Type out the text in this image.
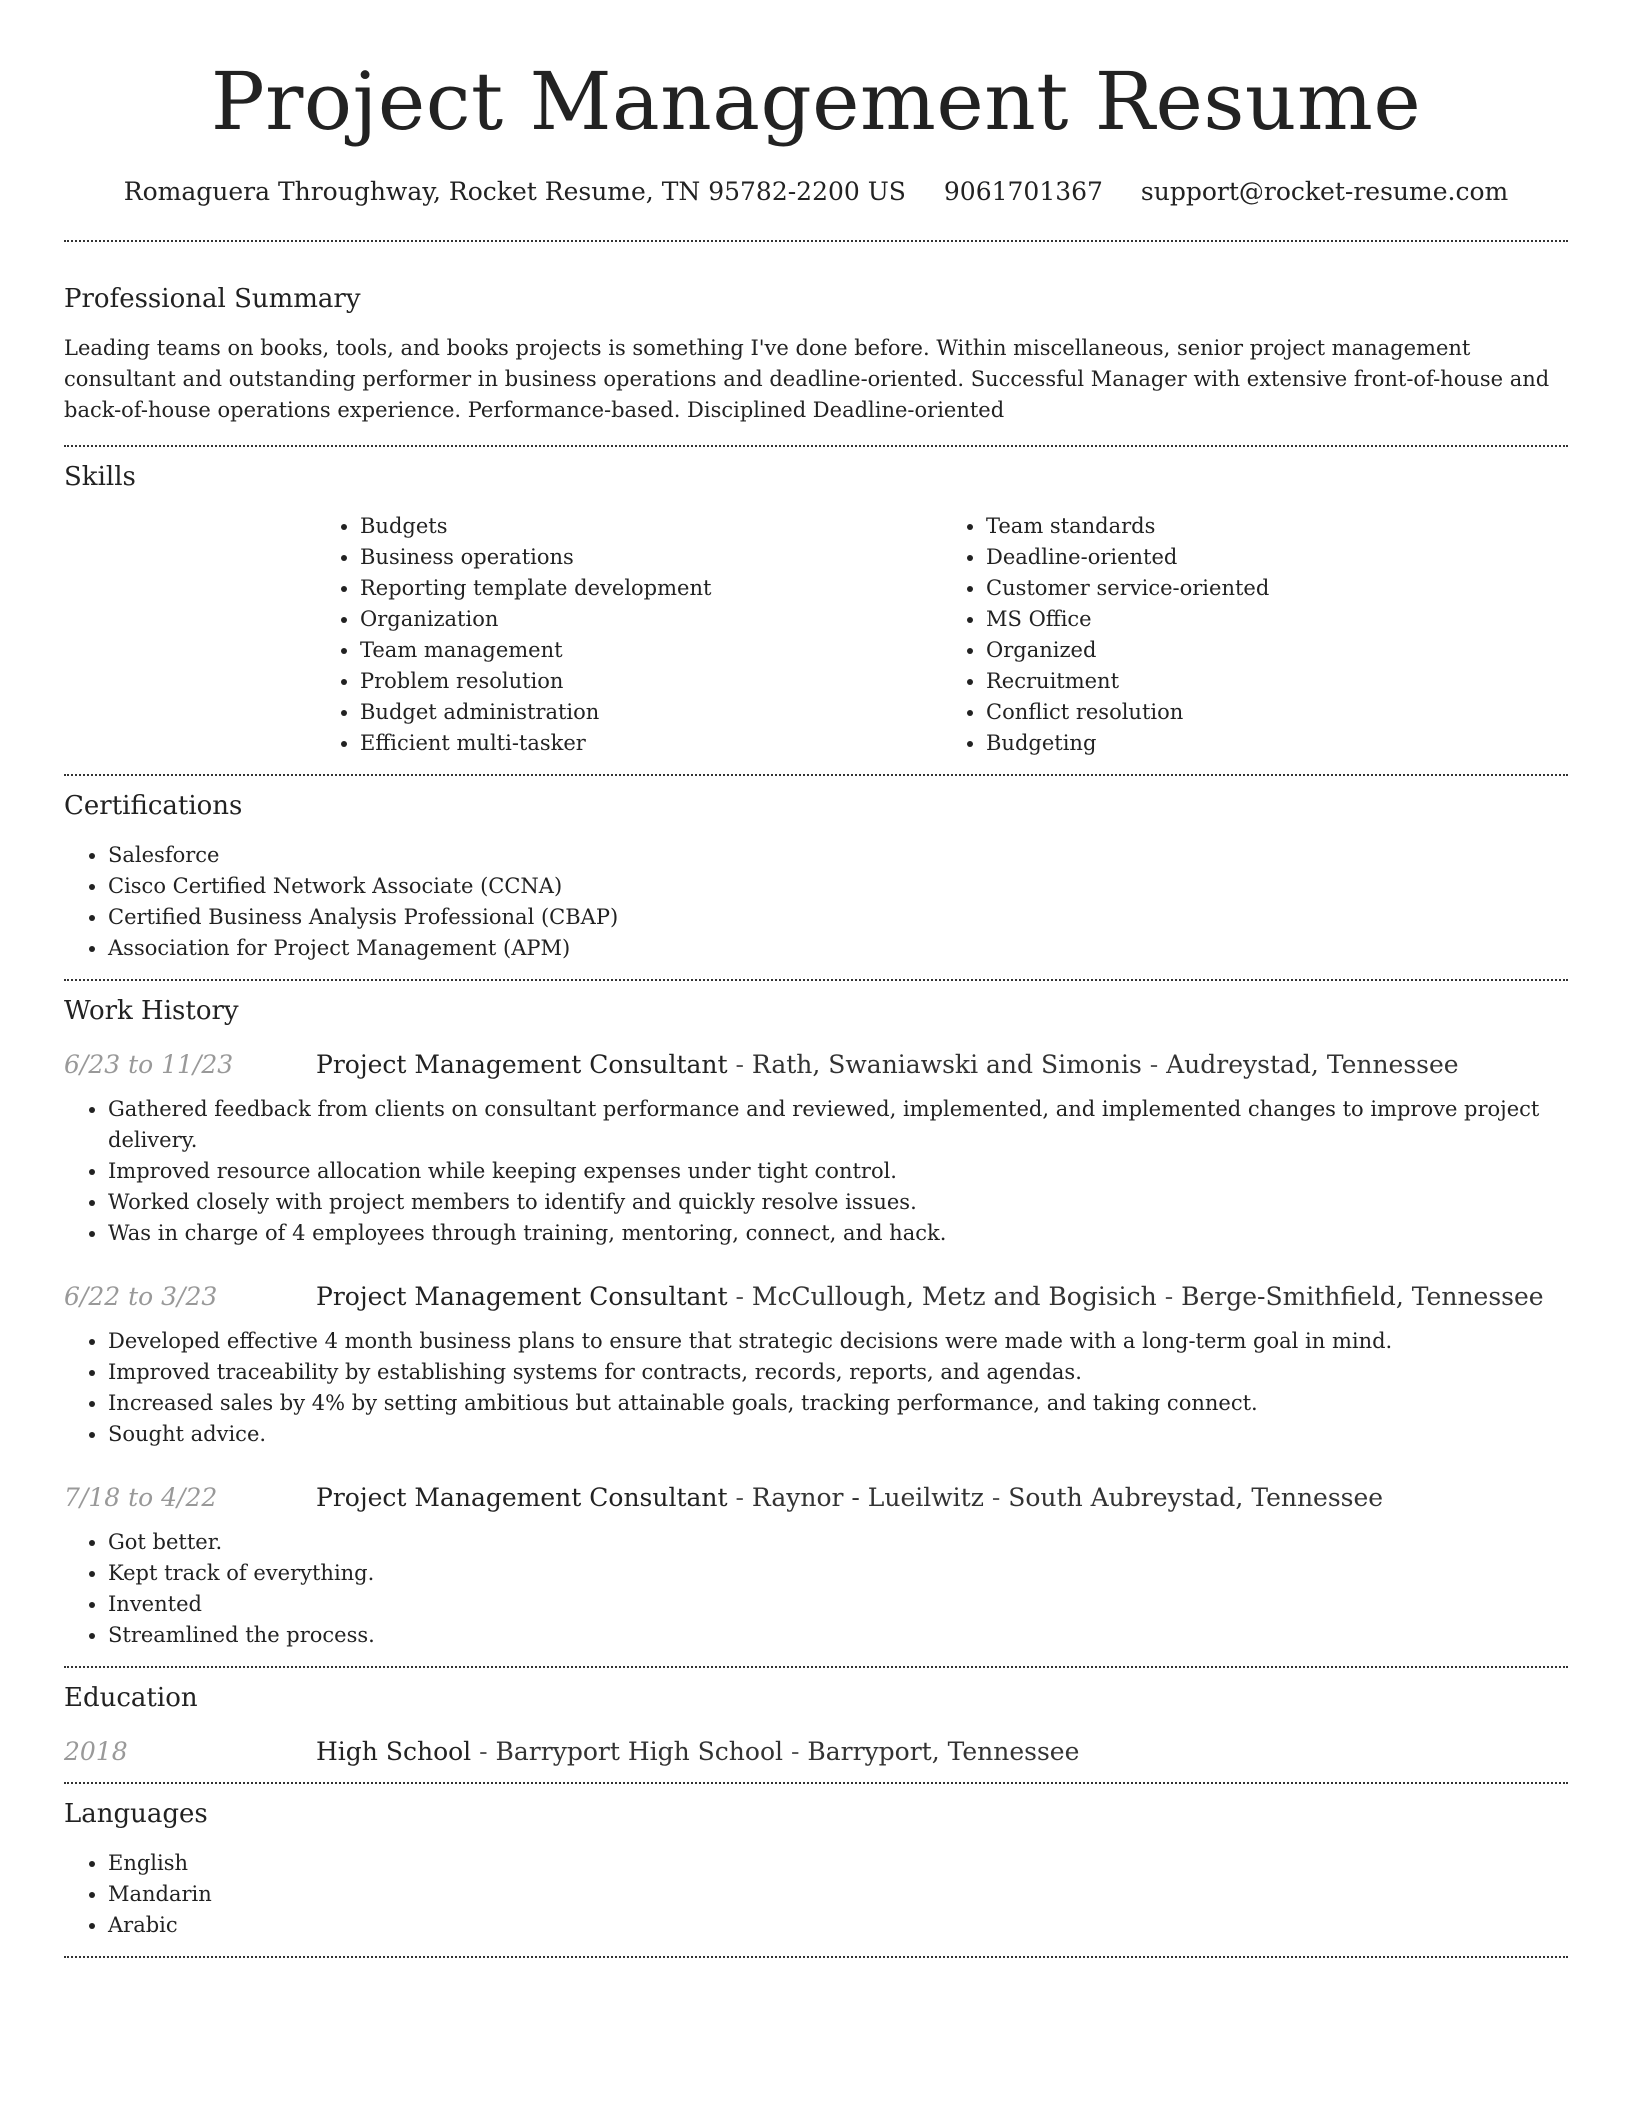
Project Management Resume
Romaguera Throughway, Rocket Resume, TN 95782-2200 US 9061701367 support@rocket-resume.com
Professional Summary

Leading teams on books, tools, and books projects is something I've done before. Within miscellaneous, senior project management consultant and outstanding performer in business operations and deadline-oriented. Successful Manager with extensive front-of-house and back-of-house operations experience. Performance-based. Disciplined Deadline-oriented

Skills
• Budgets
• Business operations
• Reporting template development
• Organization
• Team management
• Problem resolution
• Budget administration
• Efficient multi-tasker
• Team standards
• Deadline-oriented
• Customer service-oriented
• MS Office
• Organized
• Recruitment
• Conflict resolution
• Budgeting
Certifications
• Salesforce
• Cisco Certified Network Associate (CCNA)
• Certified Business Analysis Professional (CBAP)
• Association for Project Management (APM)
Work History
6/23 to 11/23	Project Management Consultant - Rath, Swaniawski and Simonis - Audreystad, Tennessee
• Gathered feedback from clients on consultant performance and reviewed, implemented, and implemented changes to improve project delivery.
• Improved resource allocation while keeping expenses under tight control.
• Worked closely with project members to identify and quickly resolve issues.
• Was in charge of 4 employees through training, mentoring, connect, and hack.
6/22 to 3/23	Project Management Consultant - McCullough, Metz and Bogisich - Berge-Smithfield, Tennessee
• Developed effective 4 month business plans to ensure that strategic decisions were made with a long-term goal in mind.
• Improved traceability by establishing systems for contracts, records, reports, and agendas.
• Increased sales by 4% by setting ambitious but attainable goals, tracking performance, and taking connect.
• Sought advice.
7/18 to 4/22	Project Management Consultant - Raynor - Lueilwitz - South Aubreystad, Tennessee
• Got better.
• Kept track of everything.
• Invented
• Streamlined the process.
Education
2018	High School - Barryport High School - Barryport, Tennessee
Languages
• English
• Mandarin
• Arabic
